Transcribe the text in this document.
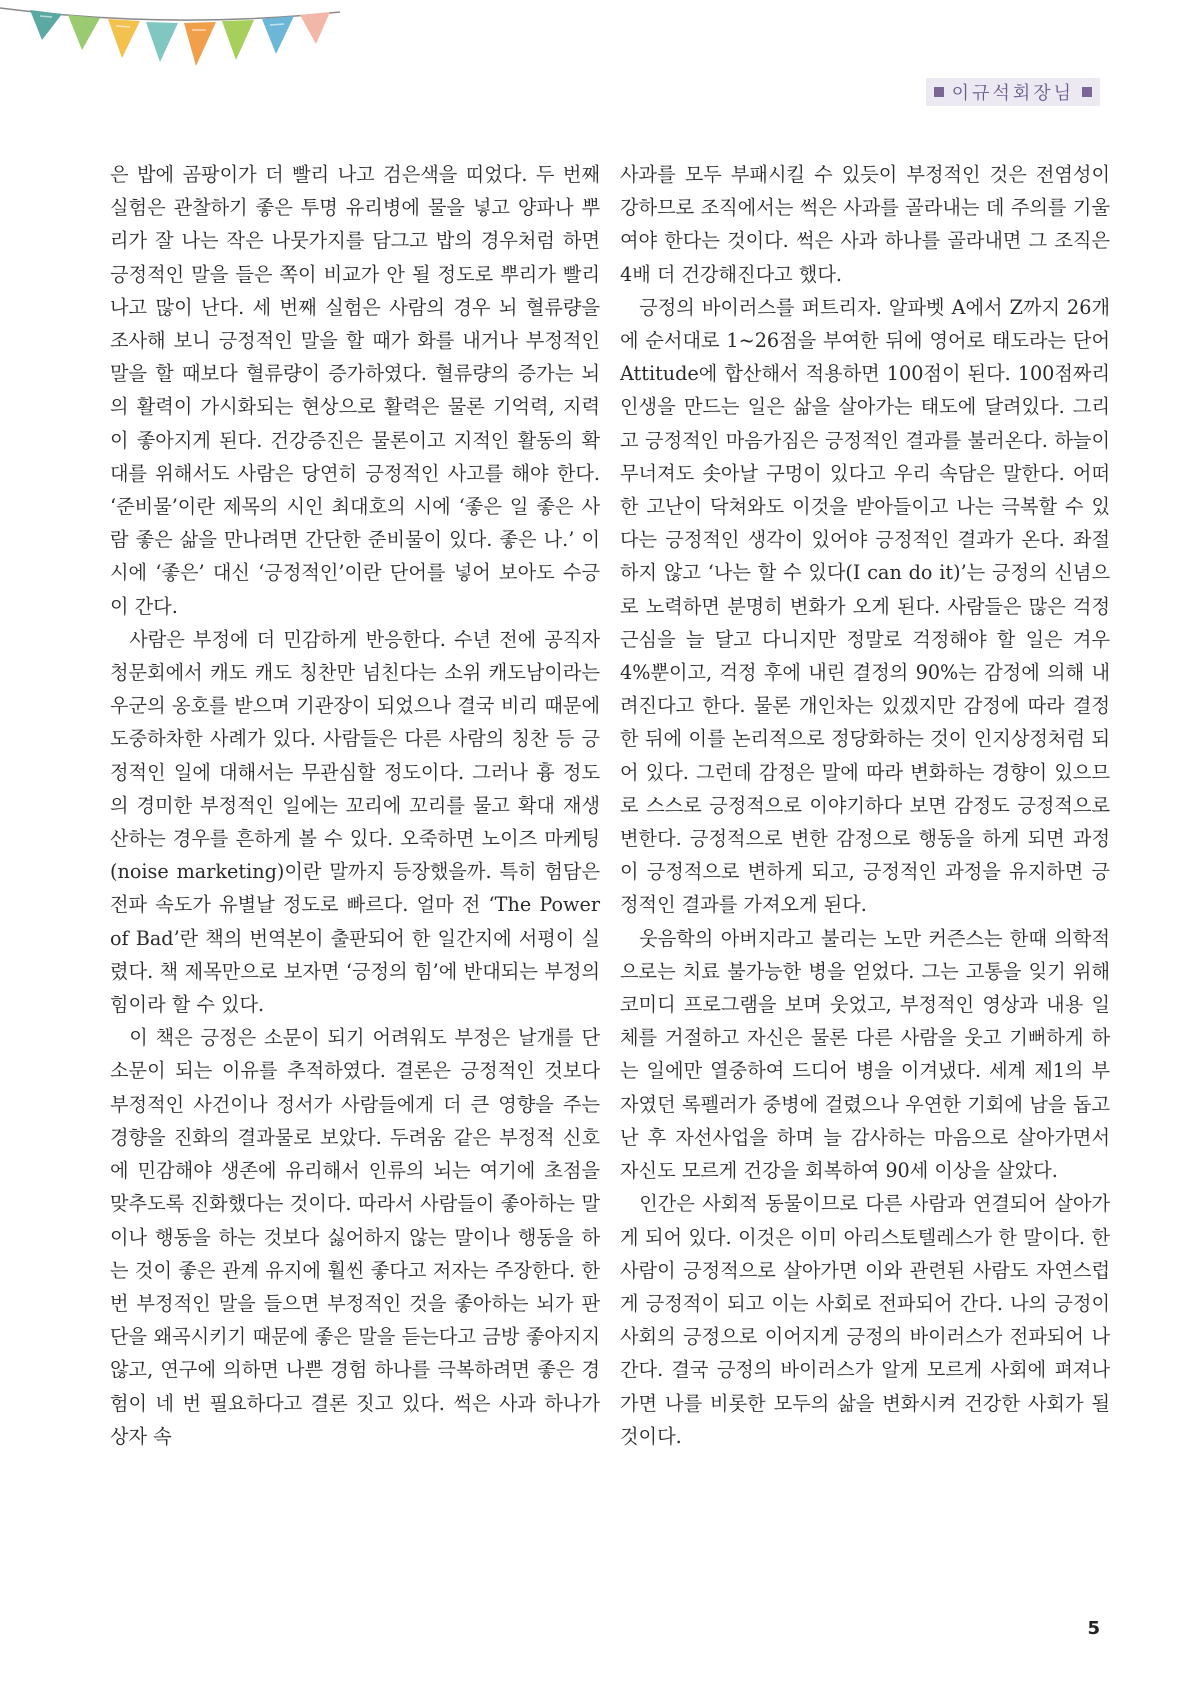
이규석회장님

은 밥에 곰팡이가 더 빨리 나고 검은색을 띠었다. 두 번째 실험은 관찰하기 좋은 투명 유리병에 물을 넣고 양파나 뿌리가 잘 나는 작은 나뭇가지를 담그고 밥의 경우처럼 하면 긍정적인 말을 들은 쪽이 비교가 안 될 정도로 뿌리가 빨리 나고 많이 난다. 세 번째 실험은 사람의 경우 뇌 혈류량을 조사해 보니 긍정적인 말을 할 때가 화를 내거나 부정적인 말을 할 때보다 혈류량이 증가하였다. 혈류량의 증가는 뇌의 활력이 가시화되는 현상으로 활력은 물론 기억력, 지력이 좋아지게 된다. 건강증진은 물론이고 지적인 활동의 확대를 위해서도 사람은 당연히 긍정적인 사고를 해야 한다. ‘준비물’이란 제목의 시인 최대호의 시에 ‘좋은 일 좋은 사람 좋은 삶을 만나려면 간단한 준비물이 있다. 좋은 나.’ 이 시에 ‘좋은’ 대신 ‘긍정적인’이란 단어를 넣어 보아도 수긍이 간다.

사람은 부정에 더 민감하게 반응한다. 수년 전에 공직자 청문회에서 캐도 캐도 칭찬만 넘친다는 소위 캐도남이라는 우군의 옹호를 받으며 기관장이 되었으나 결국 비리 때문에 도중하차한 사례가 있다. 사람들은 다른 사람의 칭찬 등 긍정적인 일에 대해서는 무관심할 정도이다. 그러나 흉 정도의 경미한 부정적인 일에는 꼬리에 꼬리를 물고 확대 재생산하는 경우를 흔하게 볼 수 있다. 오죽하면 노이즈 마케팅(noise marketing)이란 말까지 등장했을까. 특히 험담은 전파 속도가 유별날 정도로 빠르다. 얼마 전 ‘The Power of Bad’란 책의 번역본이 출판되어 한 일간지에 서평이 실렸다. 책 제목만으로 보자면 ‘긍정의 힘’에 반대되는 부정의 힘이라 할 수 있다.

이 책은 긍정은 소문이 되기 어려워도 부정은 날개를 단 소문이 되는 이유를 추적하였다. 결론은 긍정적인 것보다 부정적인 사건이나 정서가 사람들에게 더 큰 영향을 주는 경향을 진화의 결과물로 보았다. 두려움 같은 부정적 신호에 민감해야 생존에 유리해서 인류의 뇌는 여기에 초점을 맞추도록 진화했다는 것이다. 따라서 사람들이 좋아하는 말이나 행동을 하는 것보다 싫어하지 않는 말이나 행동을 하는 것이 좋은 관계 유지에 훨씬 좋다고 저자는 주장한다. 한 번 부정적인 말을 들으면 부정적인 것을 좋아하는 뇌가 판단을 왜곡시키기 때문에 좋은 말을 듣는다고 금방 좋아지지 않고, 연구에 의하면 나쁜 경험 하나를 극복하려면 좋은 경험이 네 번 필요하다고 결론 짓고 있다. 썩은 사과 하나가 상자 속

사과를 모두 부패시킬 수 있듯이 부정적인 것은 전염성이 강하므로 조직에서는 썩은 사과를 골라내는 데 주의를 기울여야 한다는 것이다. 썩은 사과 하나를 골라내면 그 조직은 4배 더 건강해진다고 했다.

긍정의 바이러스를 퍼트리자. 알파벳 A에서 Z까지 26개에 순서대로 1~26점을 부여한 뒤에 영어로 태도라는 단어 Attitude에 합산해서 적용하면 100점이 된다. 100점짜리 인생을 만드는 일은 삶을 살아가는 태도에 달려있다. 그리고 긍정적인 마음가짐은 긍정적인 결과를 불러온다. 하늘이 무너져도 솟아날 구멍이 있다고 우리 속담은 말한다. 어떠한 고난이 닥쳐와도 이것을 받아들이고 나는 극복할 수 있다는 긍정적인 생각이 있어야 긍정적인 결과가 온다. 좌절하지 않고 ‘나는 할 수 있다(I can do it)’는 긍정의 신념으로 노력하면 분명히 변화가 오게 된다. 사람들은 많은 걱정 근심을 늘 달고 다니지만 정말로 걱정해야 할 일은 겨우 4%뿐이고, 걱정 후에 내린 결정의 90%는 감정에 의해 내려진다고 한다. 물론 개인차는 있겠지만 감정에 따라 결정한 뒤에 이를 논리적으로 정당화하는 것이 인지상정처럼 되어 있다. 그런데 감정은 말에 따라 변화하는 경향이 있으므로 스스로 긍정적으로 이야기하다 보면 감정도 긍정적으로 변한다. 긍정적으로 변한 감정으로 행동을 하게 되면 과정이 긍정적으로 변하게 되고, 긍정적인 과정을 유지하면 긍정적인 결과를 가져오게 된다.

웃음학의 아버지라고 불리는 노만 커즌스는 한때 의학적으로는 치료 불가능한 병을 얻었다. 그는 고통을 잊기 위해 코미디 프로그램을 보며 웃었고, 부정적인 영상과 내용 일체를 거절하고 자신은 물론 다른 사람을 웃고 기뻐하게 하는 일에만 열중하여 드디어 병을 이겨냈다. 세계 제1의 부자였던 록펠러가 중병에 걸렸으나 우연한 기회에 남을 돕고 난 후 자선사업을 하며 늘 감사하는 마음으로 살아가면서 자신도 모르게 건강을 회복하여 90세 이상을 살았다.

인간은 사회적 동물이므로 다른 사람과 연결되어 살아가게 되어 있다. 이것은 이미 아리스토텔레스가 한 말이다. 한 사람이 긍정적으로 살아가면 이와 관련된 사람도 자연스럽게 긍정적이 되고 이는 사회로 전파되어 간다. 나의 긍정이 사회의 긍정으로 이어지게 긍정의 바이러스가 전파되어 나간다. 결국 긍정의 바이러스가 알게 모르게 사회에 펴져나가면 나를 비롯한 모두의 삶을 변화시켜 건강한 사회가 될 것이다.

5
